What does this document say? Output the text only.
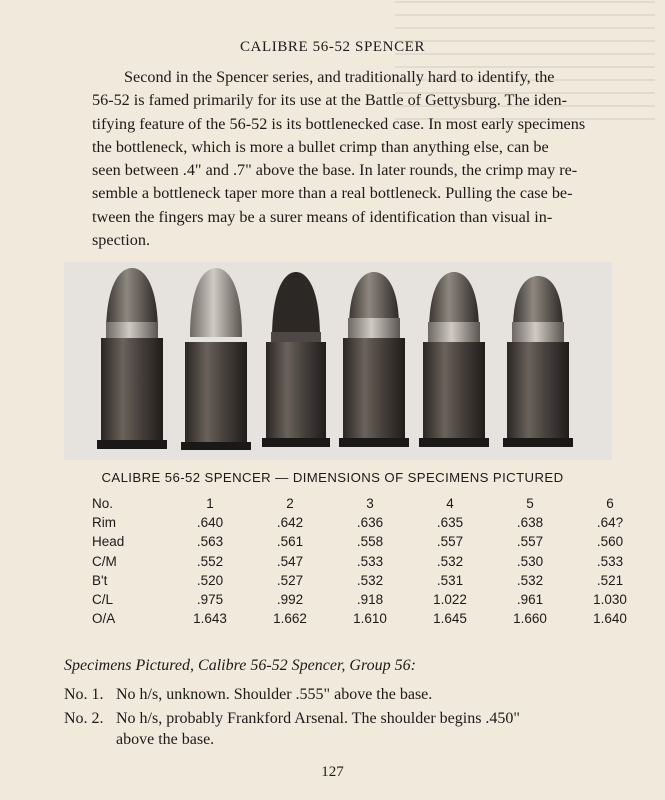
CALIBRE 56-52 SPENCER

Second in the Spencer series, and traditionally hard to identify, the
56-52 is famed primarily for its use at the Battle of Gettysburg. The iden-
tifying feature of the 56-52 is its bottlenecked case. In most early specimens
the bottleneck, which is more a bullet crimp than anything else, can be
seen between .4" and .7" above the base. In later rounds, the crimp may re-
semble a bottleneck taper more than a real bottleneck. Pulling the case be-
tween the fingers may be a surer means of identification than visual in-
spection.

CALIBRE 56-52 SPENCER — DIMENSIONS OF SPECIMENS PICTURED
No.	1	2	3	4	5	6
Rim	.640	.642	.636	.635	.638	.64?
Head	.563	.561	.558	.557	.557	.560
C/M	.552	.547	.533	.532	.530	.533
B't	.520	.527	.532	.531	.532	.521
C/L	.975	.992	.918	1.022	.961	1.030
O/A	1.643	1.662	1.610	1.645	1.660	1.640
Specimens Pictured, Calibre 56-52 Spencer, Group 56:
No. 1. No h/s, unknown. Shoulder .555" above the base.
No. 2. No h/s, probably Frankford Arsenal. The shoulder begins .450"
above the base.
127
